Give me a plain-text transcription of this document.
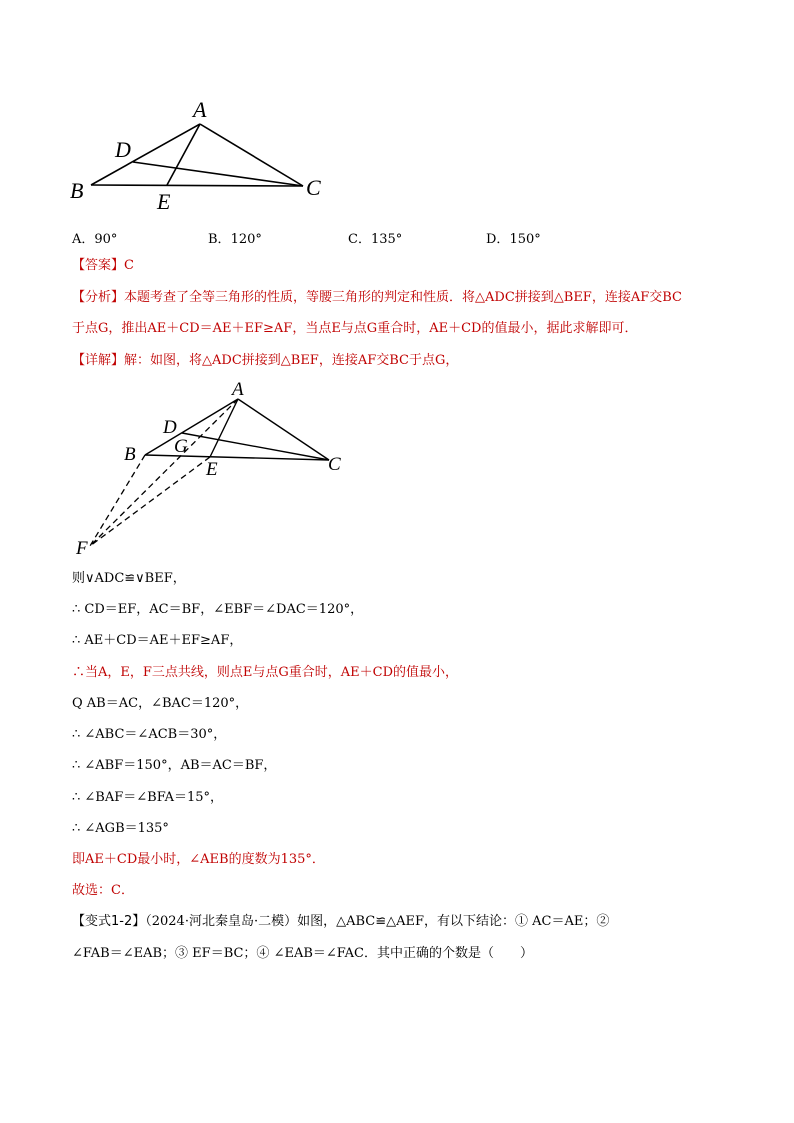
A
D
B	E
C
A．90°	B．120°	C．135°	D．150°
【答案】C
【分析】本题考查了全等三角形的性质，等腰三角形的判定和性质．将△ADC拼接到△BEF，连接AF交BC
于点G，推出AE＋CD＝AE＋EF≥AF，当点E与点G重合时，AE＋CD的值最小，据此求解即可．
【详解】解：如图，将△ADC拼接到△BEF，连接AF交BC于点G，
A
D
G
B
E	C
F
则∨ADC≌∨BEF，
∴ CD＝EF，AC＝BF，∠EBF＝∠DAC＝120°，
∴ AE＋CD＝AE＋EF≥AF，
∴当A，E，F三点共线，则点E与点G重合时，AE＋CD的值最小，
Q AB＝AC，∠BAC＝120°，
∴ ∠ABC＝∠ACB＝30°，
∴ ∠ABF＝150°，AB＝AC＝BF，
∴ ∠BAF＝∠BFA＝15°，
∴ ∠AGB＝135°
即AE＋CD最小时，∠AEB的度数为135°．
故选：C．
【变式1-2】（2024·河北秦皇岛·二模）如图，△ABC≌△AEF，有以下结论：① AC＝AE；②
∠FAB＝∠EAB；③ EF＝BC；④ ∠EAB＝∠FAC．其中正确的个数是（　　）
